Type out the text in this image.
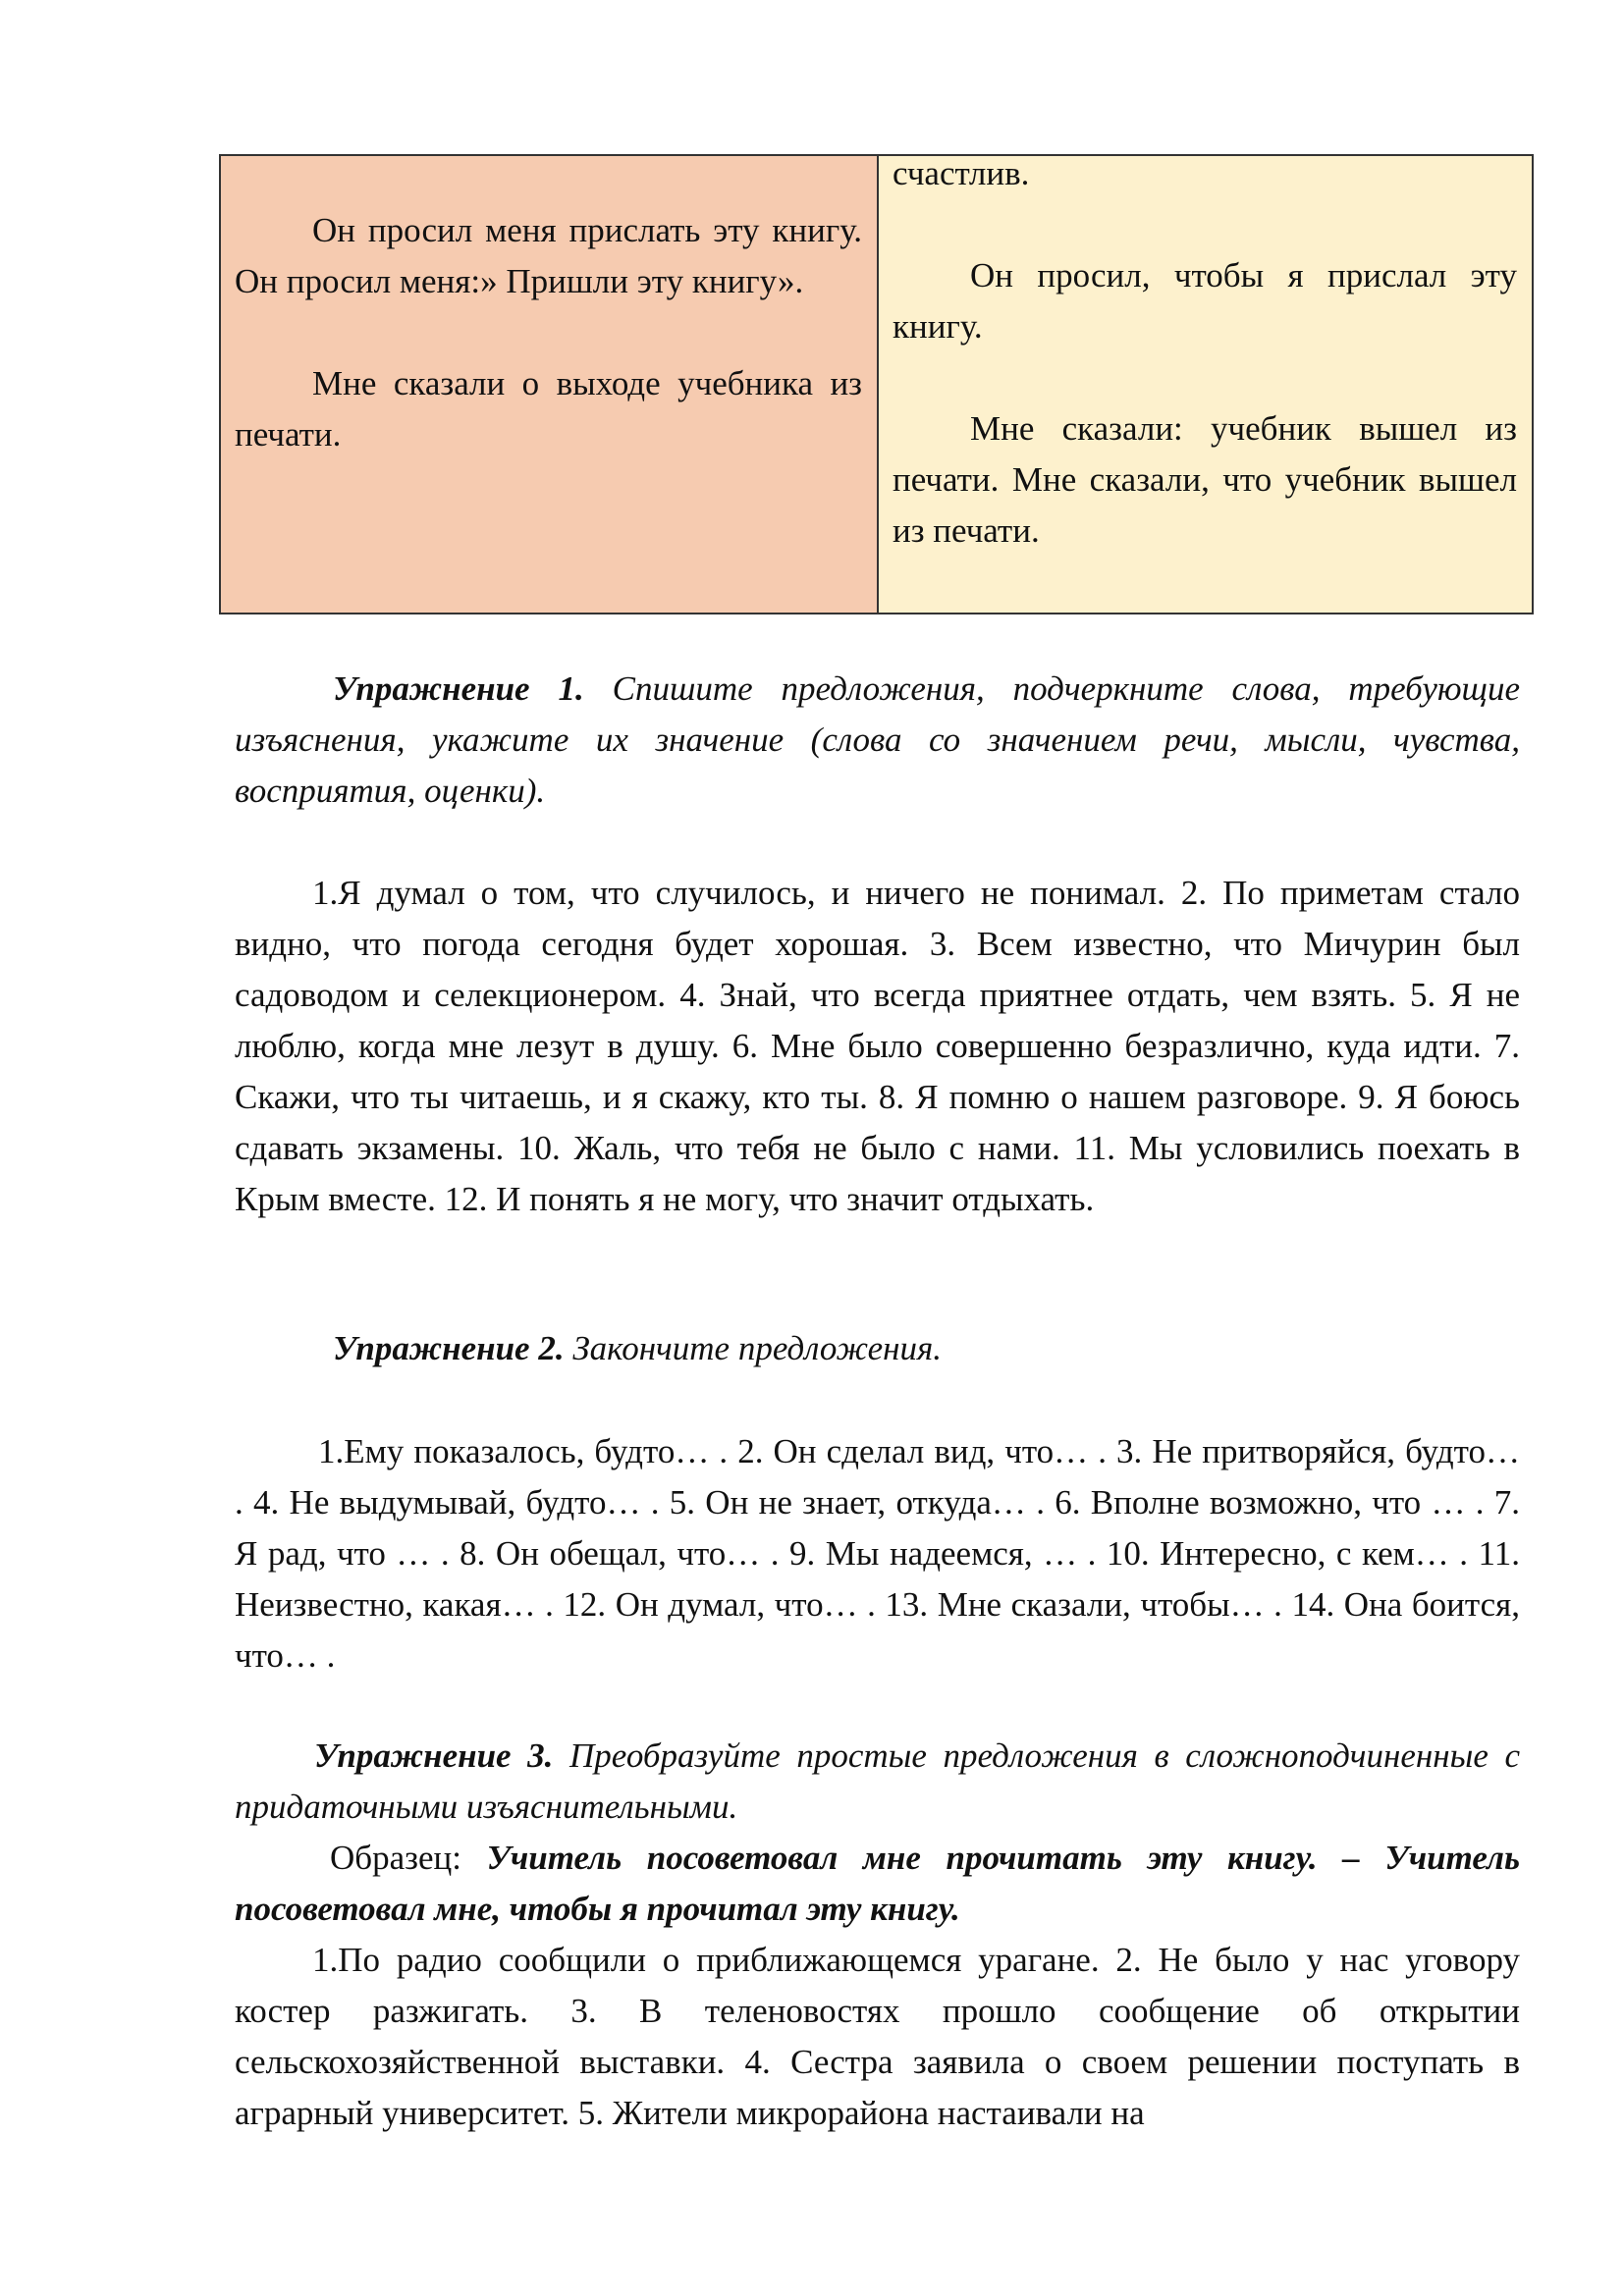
Он просил меня прислать эту книгу. Он просил меня:» Пришли эту книгу».

Мне сказали о выходе учебника из печати.

счастлив.

Он просил, чтобы я прислал эту книгу.

Мне сказали: учебник вышел из печати. Мне сказали, что учебник вышел из печати.

Упражнение 1. Спишите предложения, подчеркните слова, требующие изъяснения, укажите их значение (слова со значением речи, мысли, чувства, восприятия, оценки).

1.Я думал о том, что случилось, и ничего не понимал. 2. По приметам стало видно, что погода сегодня будет хорошая. 3. Всем известно, что Мичурин был садоводом и селекционером. 4. Знай, что всегда приятнее отдать, чем взять. 5. Я не люблю, когда мне лезут в душу. 6. Мне было совершенно безразлично, куда идти. 7. Скажи, что ты читаешь, и я скажу, кто ты. 8. Я помню о нашем разговоре. 9. Я боюсь сдавать экзамены. 10. Жаль, что тебя не было с нами. 11. Мы условились поехать в Крым вместе. 12. И понять я не могу, что значит отдыхать.

Упражнение 2. Закончите предложения.

1.Ему показалось, будто… . 2. Он сделал вид, что… . 3. Не притворяйся, будто… . 4. Не выдумывай, будто… . 5. Он не знает, откуда… . 6. Вполне возможно, что … . 7. Я рад, что … . 8. Он обещал, что… . 9. Мы надеемся, … . 10. Интересно, с кем… . 11. Неизвестно, какая… . 12. Он думал, что… . 13. Мне сказали, чтобы… . 14. Она боится, что… .

Упражнение 3. Преобразуйте простые предложения в сложноподчиненные с придаточными изъяснительными.

Образец: Учитель посоветовал мне прочитать эту книгу. – Учитель посоветовал мне, чтобы я прочитал эту книгу.

1.По радио сообщили о приближающемся урагане. 2. Не было у нас уговору костер разжигать. 3. В теленовостях прошло сообщение об открытии сельскохозяйственной выставки. 4. Сестра заявила о своем решении поступать в аграрный университет. 5. Жители микрорайона настаивали на
